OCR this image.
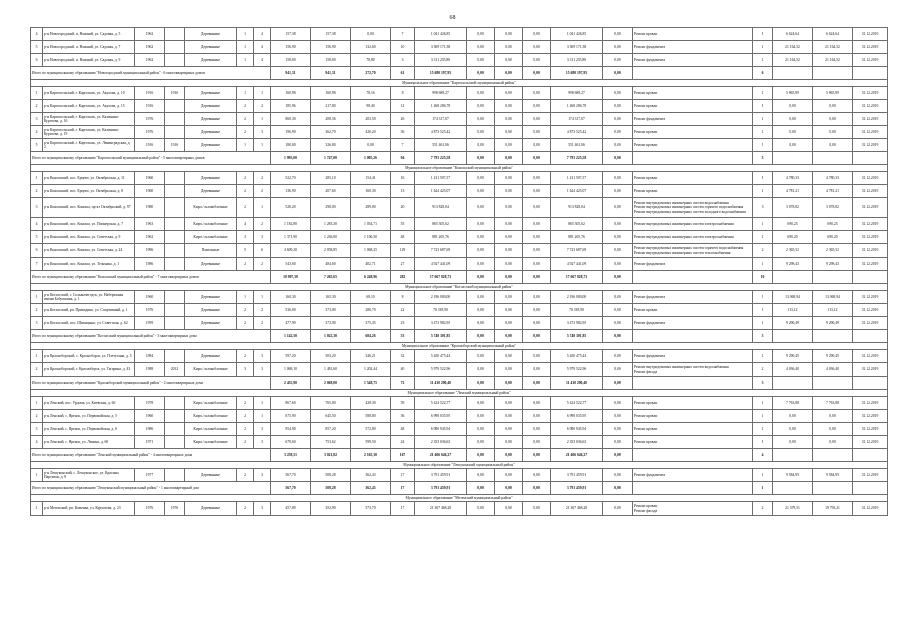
68
4	р-н Новогородский, п. Нижний, ул. Садовая, д. 5	1962		Деревянные	1	4	157,38	157,38	0,00	7	1 041 426,85	0,00	0,00	0,00	1 041 426,85	0,00	Ремонт кровли	1	6 624,64	6 624,64	31.12.2019
5	р-н Новогородский, п. Нижний, ул. Садовая, д. 7	1962		Деревянные	1	4	156,90	156,90	132,60	10	3 309 171,38	0,00	0,00	0,00	3 309 171,38	0,00	Ремонт фундамента	1	21 164,52	21 164,52	31.12.2019
6	р-н Новогородский, п. Нижний, ул. Садовая, д. 9	1962		Деревянные	1	4	158,00	158,00	78,80	3	3 311 235,80	0,00	0,00	0,00	3 311 235,80	0,00	Ремонт фундамента	1	21 164,52	21 164,52	31.12.2019
Итого по муниципальному образованию "Новогородский муниципальный район" - 6 многоквартирных домов							941,31	941,31	272,70	61	15 680 197,95	0,00	0,00	0,00	15 680 197,95	0,00		6			
Муниципальное образование "Каргопольский муниципальный район"																					
1	р-н Каргопольский, г. Каргополь, ул. Акулова, д. 10	1916	1916	Деревянные	1	1	160,98	160,98	78,16	8	998 689,27	0,00	0,00	0,00	998 689,27	0,00	Ремонт кровли	1	5 865,89	5 865,89	31.12.2019
2	р-н Каргопольский, г. Каргополь, ул. Акулова, д. 15	1916		Деревянные	2	2	185,96	217,80	98,40	12	1 268 286,78	0,00	0,00	0,00	1 268 286,78	0,00	Ремонт кровли	1	0,00	0,00	31.12.2019
3	р-н Каргопольский, г. Каргополь, ул. Калинина-Куратова, д. 16	1976		Деревянные	2	1	860,30	208,56	203,50	26	174 317,07	0,00	0,00	0,00	174 317,07	0,00	Ремонт фундамента	1	0,00	0,00	31.12.2019
4	р-н Каргопольский, г. Каргополь, ул. Калинина-Куратова, д. 19	1976		Деревянные	2	3	196,90	362,70	420,20	36	4 873 525,42	0,00	0,00	0,00	4 873 525,42	0,00	Ремонт кровли	1	0,00	0,00	31.12.2019
5	р-н Каргопольский, г. Каргополь, ул. Ленинградская, д. 2	1916	1916	Деревянные	1	1	180,00	326,80	0,00	7	551 461,06	0,00	0,00	0,00	551 461,06	0,00	Ремонт кровли	1	0,00	0,00	31.12.2019
Итого по муниципальному образованию "Каргопольский муниципальный район" - 5 многоквартирных домов							1 995,00	1 747,00	1 005,26	94	7 793 225,58	0,00	0,00	0,00	7 793 225,58	0,00		5			
Муниципальное образование "Коношский муниципальный район"																					
1	р-н Коношский, пос. Ерцево, ул. Октябрьская, д. 11	1960		Деревянные	2	2	522,70	285,10	154,41	16	1 411 507,57	0,00	0,00	0,00	1 411 507,57	0,00	Ремонт кровли	1	4 780,33	4 780,33	31.12.2019
2	р-н Коношский, пос. Ерцево, ул. Октябрьская, д. 8	1960		Деревянные	2	2	136,90	207,60	160,30	13	1 624 425,07	0,00	0,00	0,00	1 624 425,07	0,00	Ремонт кровли	1	4 781,21	4 781,21	31.12.2019
3	р-н Коношский, пос. Коноша, пр-кт Октябрьский, д. 97	1980		Кирп./ шлакоблочные	2	1	520,20	298,00	289,00	20	913 828,04	0,00	0,00	0,00	913 828,04	0,00	Ремонт внутридомовых инженерных систем водоснабжения
Ремонт внутридомовых инженерных систем горячего водоснабжения
Ремонт внутридомовых инженерных систем холодного водоснабжения	3	3 078,82	3 078,82	31.12.2019
4	р-н Коношский, пос. Коноша, ул. Пионерская, д. 7	1963		Кирп./ шлакоблочные	4	2	1 182,80	1 283,30	1 054,71	55	865 305,62	0,00	0,00	0,00	865 305,62	0,00	Ремонт внутридомовых инженерных систем электроснабжения	1	690,25	690,25	31.12.2019
5	р-н Коношский, пос. Коноша, ул. Советская, д. 9	1962		Кирп./ шлакоблочные	3	3	1 371,90	1 236,00	1 106,30	48	881 265,76	0,00	0,00	0,00	881 265,76	0,00	Ремонт внутридомовых инженерных систем электроснабжения	1	690,20	690,20	31.12.2019
6	р-н Коношский, пос. Коноша, ул. Советская, д. 24	1996		Панельные	5	6	4 609,20	2 058,85	1 068,25	129	7 723 687,69	0,00	0,00	0,00	7 723 687,69	0,00	Ремонт внутридомовых инженерных систем горячего водоснабжения
Ремонт внутридомовых инженерных систем теплоснабжения	2	2 365,52	2 365,52	31.12.2019
7	р-н Коношский, пос. Коноша, ул. Тельмана, д. 1	1986		Деревянные	2	2	543,60	484,60	402,71	27	4 927 441,09	0,00	0,00	0,00	4 927 441,09	0,00	Ремонт фундамента	1	9 298,43	9 298,43	31.12.2019
Итого по муниципальному образованию "Коношский муниципальный район" - 7 многоквартирных домов							10 907,50	7 265,65	6 248,96	282	17 667 828,73	0,00	0,00	0,00	17 667 828,73	0,00		10			
Муниципальное образование "Котласский муниципальный район"																					
1	р-н Котласский, г. Сольвычегодск, ул. Набережная имени Бабушкина, д. 1	1960		Деревянные	1	1	160,30	165,30	68,10	8	2 196 000,00	0,00	0,00	0,00	2 196 000,00	0,00	Ремонт фундамента	1	13 069,94	13 069,94	31.12.2019
2	р-н Котласский, рп. Приводино, ул. Спортивный, д. 1	1976		Деревянные	2	2	536,00	373,00	280,70	22	70 318,90	0,00	0,00	0,00	70 318,90	0,00	Ремонт кровли	1	113,12	113,12	31.12.2019
3	р-н Котласский, пос. Шипицыно, ул. Советская, д. 62	1959		Деревянные	2	2	477,90	373,90	375,45	23	3 473 982,95	0,00	0,00	0,00	3 473 982,95	0,00	Ремонт фундамента	1	9 290,49	9 290,49	31.12.2019
Итого по муниципальному образованию "Котласский муниципальный район" - 3 многоквартирных дома							1 142,50	1 022,30	684,26	53	5 740 301,85	0,00	0,00	0,00	5 740 301,85	0,00		3			
Муниципальное образование "Красноборский муниципальный район"																					
1	р-н Красноборский, с. Красноборск, ул. Плетухина, д. 5	1984		Деревянные	2	3	597,20	503,20	346,21	32	5 450 475,44	0,00	0,00	0,00	5 450 475,44	0,00	Ремонт фундамента	1	9 290,45	9 290,45	31.12.2019
2	р-н Красноборский, г. Красноборск, ул. Гагарина, д. 43	1988	2012	Кирп./ шлакоблочные	3	3	1 068,10	1 481,60	1 202,44	40	5 979 522,96	0,00	0,00	0,00	5 979 522,96	0,00	Ремонт внутридомовых инженерных систем водоснабжения
Ремонт фасада	2	4 036,40	4 036,40	31.12.2019
Итого по муниципальному образованию "Красноборский муниципальный район" - 2 многоквартирных дома							2 455,90	2 068,00	1 548,75	72	11 430 290,40	0,00	0,00	0,00	11 430 290,40	0,00		3			
Муниципальное образование "Ленский муниципальный район"																					
1	р-н Ленский, пос. Урдома, ул. Киевская, д. 6б	1978		Кирп./ шлакоблочные	2	1	867,60	765,00	428,30	59	5 424 522,77	0,00	0,00	0,00	5 424 522,77	0,00	Ремонт кровли	1	7 763,88	7 763,88	31.12.2019
2	р-н Ленский, с. Яренск, ул. Первомайская, д. 5	1960		Кирп./ шлакоблочные	2	1	675,90	645,50	588,80	36	6 998 035,95	0,00	0,00	0,00	6 998 035,95	0,00	Ремонт кровли	1	0,00	0,00	31.12.2019
3	р-н Ленский, с. Яренск, ул. Первомайская, д. 6	1986		Кирп./ шлакоблочные	2	3	954,90	857,20	572,80	48	6 080 945,94	0,00	0,00	0,00	6 080 945,94	0,00	Ремонт кровли	1	0,00	0,00	31.12.2019
4	р-н Ленский, с. Яренск, ул. Ленина, д. 60	1971		Кирп./ шлакоблочные	2	3	679,60	753,62	599,50	24	2 353 036,63	0,00	0,00	0,00	2 353 036,63	0,00	Ремонт кровли	1	0,00	0,00	31.12.2019
Итого по муниципальному образованию "Ленский муниципальный район" - 4 многоквартирных дома							3 258,51	3 021,82	2 165,30	167	21 406 646,27	0,00	0,00	0,00	21 406 646,27	0,00		4			
Муниципальное образование "Лешуконский муниципальный район"																					
1	р-н Лешуконский, с. Лешуконское, ул. Красных Партизан, д. 8	1977		Деревянные	2	3	567,70	508,28	362,43	17	3 791 459,91	0,00	0,00	0,00	3 791 459,91	0,00	Ремонт фундамента	1	9 584,95	9 584,95	31.12.2019
Итого по муниципальному образованию "Лешуконский муниципальный район" - 1 многоквартирный дом							567,70	508,28	362,43	17	3 791 459,91	0,00	0,00	0,00	3 791 459,91	0,00		1			
Муниципальное образование "Мезенский муниципальный район"																					
1	р-н Мезенский, рп. Каменка, ул. Курчатова, д. 23	1976	1976	Деревянные	2	3	457,80	352,90	573,70	17	21 307 468,28	0,00	0,00	0,00	21 307 468,28	0,00	Ремонт кровли
Ремонт фасада	2	21 379,51	19 793,21	31.12.2019
